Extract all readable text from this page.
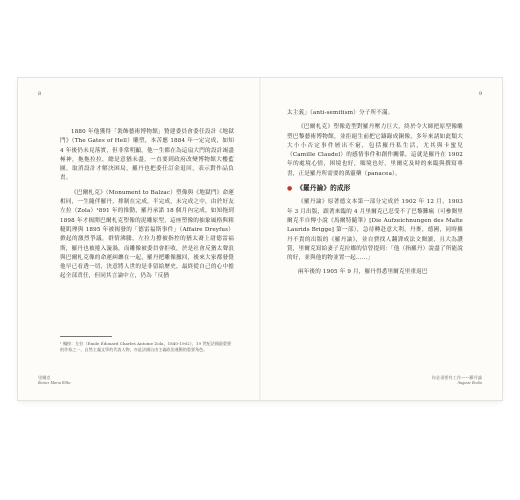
8

1880 年他獲得「裝飾藝術博物館」贊建委員會委任設計《地獄門》（The Gates of Hell）雕塑，本苦應 1884 年一定完成，如知 4 年後仍未見落實，但非常明顯，他一生都在為這扇大門的設計竭盡極神，拖拖拉拉，總是意猶未盡，一直要到政府改變博物館大樓藍圖，取消設計才解決困局，羅丹也把委任訂金退回，表示對作品負責。

《巴爾札克》（Monument to Balzac）塑像與《地獄門》命運相同，一生隨伴羅丹，排制在完成，半完成，未完成之中，由於好友左拉（Zola）¹891 年的推動，羅丹承諾 18 個月內完成，如知拖到 1898 年才揭開巴爾札克塑像的泥雕原型，這座塑像的抽象風格與粗糙肌理與 1895 年被揭發的「德雷福斯事件」（Affaire Dreyfus）掀起的激烈爭議，群情沸騰，左拉力撐被指控的猶太裔上尉德雷福斯，羅丹也被捲入漩渦，而雕像被委員會拒收，於是社會反猶太聲浪與巴爾札克像的命運糾纏在一起，羅丹把雕像撤回，後來大家都發覺他早已看透一切，決意將人世的是非留給歷史，最終從自己的心中擔起全部責任，但同其言論中立，仍為「反猶

¹ 編按：左拉（Émile Édouard Charles Antoine Zola，1840-1902），19 世紀法國最重要的作家之一，自然主義文學的代表人物，亦是法國自由主義政治運動的重要角色。
里爾克
Rainer Maria Rilke
9

太主義」（anti-semitism）分子所不滿。

《巴爾札克》塑像造型對羅丹壓力巨大，終於令大師把原型像雕塑巴黎藝術博物館，並拒絕生前把它鑄錄成銅像，多年來諸如此類大大小小否定事件層出不窮，包括羅丹私生活，尤其與卡蜜兒（Camille Claudel）的感情事件和創作關係，這就是羅丹在 1902 年的處境心情，困境也好，順境也好，里爾克及時的來臨與撰寫專書，正是羅丹所需要的萬靈藥（panacea）。

● 《羅丹論》的成形

《羅丹論》原著德文本第一部分完成於 1902 年 12 月，1903 年 3 月出版，跟著來臨的 4 月里爾克已忍受不了巴黎難瘋（可參閱里爾克半自傳小說《馬爾特隨筆》[Die Aufzeichnungen des Malte Laurids Brigge] 第一部），急待轉赴意大利，丹麥，德國，同時羅丹不貴的出版的《羅丹論》，並自費找人翻譯成法文閱讀，且大為讚賞，里爾克寫給妻子克拉娜的信曾提到：「他（指羅丹）說盡了所能說的好，並與他的物並置一起……」

兩年後的 1905 年 9 月，羅丹得悉里爾克里重返巴

你必須要有工作——羅丹論
Auguste Rodin
